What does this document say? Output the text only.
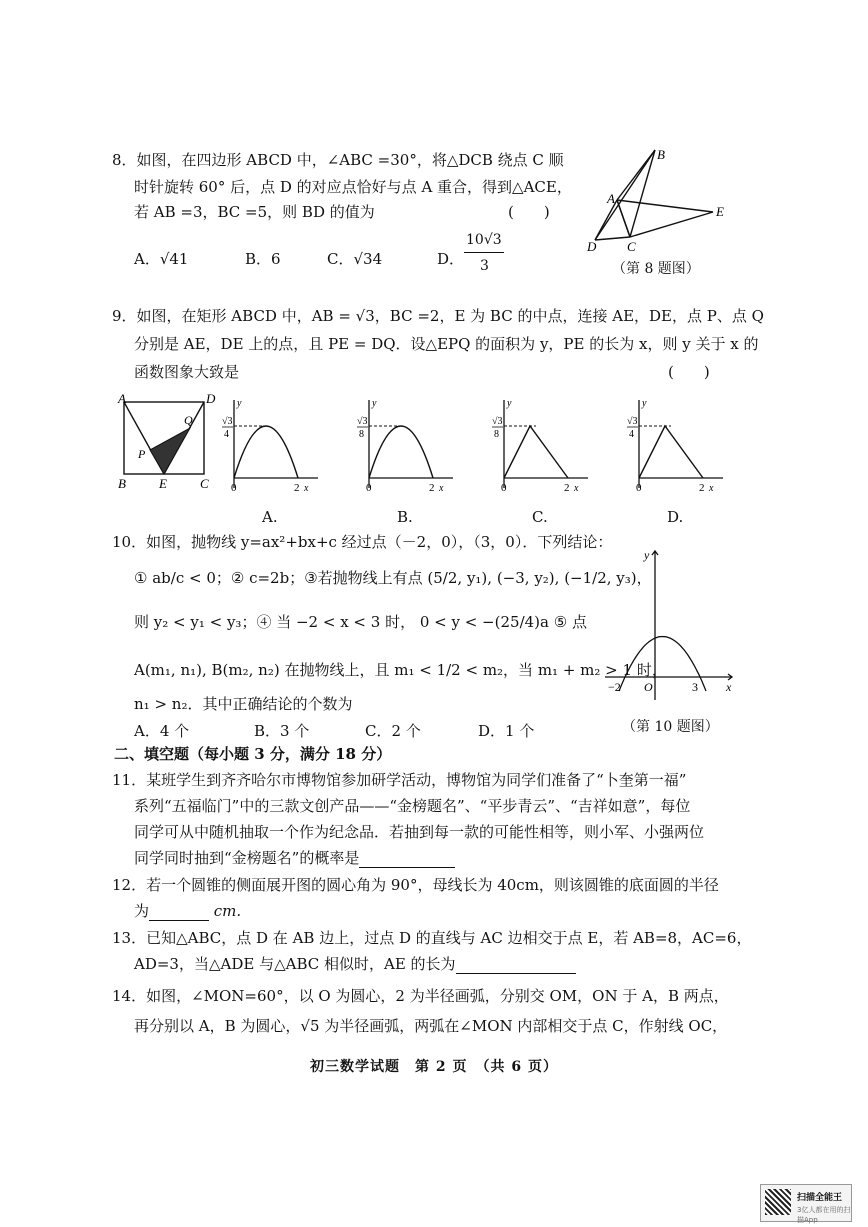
8．如图，在四边形 ABCD 中，∠ABC =30°，将△DCB 绕点 C 顺
时针旋转 60° 后，点 D 的对应点恰好与点 A 重合，得到△ACE，
若 AB =3，BC =5，则 BD 的值为	(　　)
A．√41	B．6	C．√34	D．
10√3
3
B
A
E
D C
（第 8 题图）
9．如图，在矩形 ABCD 中，AB = √3，BC =2，E 为 BC 的中点，连接 AE，DE，点 P、点 Q
分别是 AE，DE 上的点，且 PE = DQ．设△EPQ 的面积为 y，PE 的长为 x，则 y 关于 x 的
函数图象大致是	(　　)
A	D
Q
P
B	E	C
√3
4
y
0	2 x
A.
√3
8
y
0	2 x
B.
√3
8
y
0	2 x
C.
√3
4
y
0	2 x
D.
10．如图，抛物线 y=ax²+bx+c 经过点（－2，0），（3，0）．下列结论：
① ab/c < 0；② c=2b；③若抛物线上有点 (5/2, y₁), (−3, y₂), (−1/2, y₃)，
则 y₂ < y₁ < y₃；④ 当 −2 < x < 3 时， 0 < y < −(25/4)a ⑤ 点
A(m₁, n₁), B(m₂, n₂) 在抛物线上，且 m₁ < 1/2 < m₂，当 m₁ + m₂ > 1 时，
n₁ > n₂．其中正确结论的个数为
A．4 个	B．3 个	C．2 个	D．1 个
y
x
−2 O	3
（第 10 题图）
二、填空题（每小题 3 分，满分 18 分）
11．某班学生到齐齐哈尔市博物馆参加研学活动，博物馆为同学们准备了“卜奎第一福”
系列“五福临门”中的三款文创产品——“金榜题名”、“平步青云”、“吉祥如意”，每位
同学可从中随机抽取一个作为纪念品．若抽到每一款的可能性相等，则小军、小强两位
同学同时抽到“金榜题名”的概率是
12．若一个圆锥的侧面展开图的圆心角为 90°，母线长为 40cm，则该圆锥的底面圆的半径
为	cm.
13．已知△ABC，点 D 在 AB 边上，过点 D 的直线与 AC 边相交于点 E，若 AB=8，AC=6，
AD=3，当△ADE 与△ABC 相似时，AE 的长为
14．如图，∠MON=60°，以 O 为圆心，2 为半径画弧，分别交 OM，ON 于 A，B 两点，
再分别以 A，B 为圆心，√5 为半径画弧，两弧在∠MON 内部相交于点 C，作射线 OC，
初三数学试题　第 2 页　（共 6 页）
扫描全能王
3亿人都在用的扫描App
